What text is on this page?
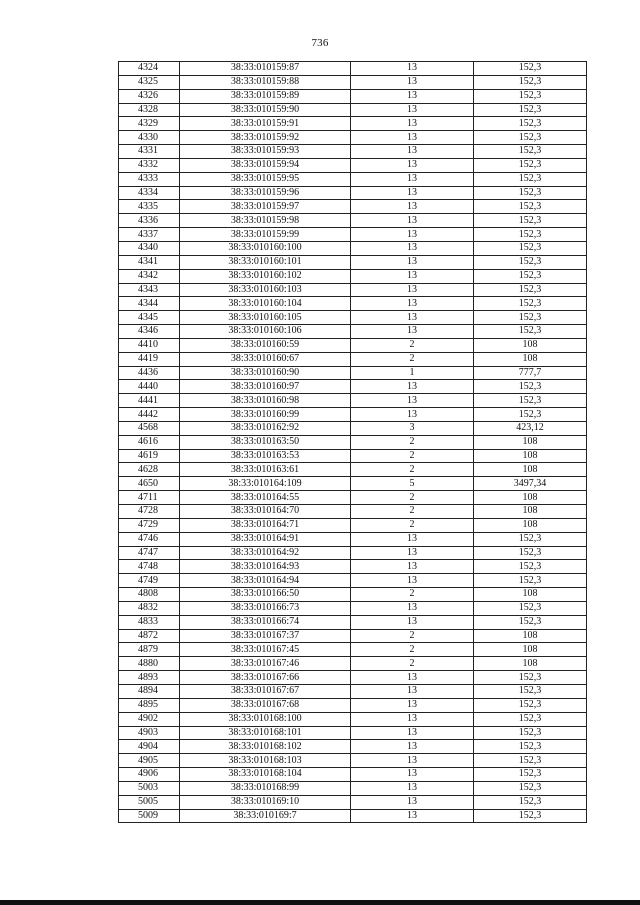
736
4324	38:33:010159:87	13	152,3
4325	38:33:010159:88	13	152,3
4326	38:33:010159:89	13	152,3
4328	38:33:010159:90	13	152,3
4329	38:33:010159:91	13	152,3
4330	38:33:010159:92	13	152,3
4331	38:33:010159:93	13	152,3
4332	38:33:010159:94	13	152,3
4333	38:33:010159:95	13	152,3
4334	38:33:010159:96	13	152,3
4335	38:33:010159:97	13	152,3
4336	38:33:010159:98	13	152,3
4337	38:33:010159:99	13	152,3
4340	38:33:010160:100	13	152,3
4341	38:33:010160:101	13	152,3
4342	38:33:010160:102	13	152,3
4343	38:33:010160:103	13	152,3
4344	38:33:010160:104	13	152,3
4345	38:33:010160:105	13	152,3
4346	38:33:010160:106	13	152,3
4410	38:33:010160:59	2	108
4419	38:33:010160:67	2	108
4436	38:33:010160:90	1	777,7
4440	38:33:010160:97	13	152,3
4441	38:33:010160:98	13	152,3
4442	38:33:010160:99	13	152,3
4568	38:33:010162:92	3	423,12
4616	38:33:010163:50	2	108
4619	38:33:010163:53	2	108
4628	38:33:010163:61	2	108
4650	38:33:010164:109	5	3497,34
4711	38:33:010164:55	2	108
4728	38:33:010164:70	2	108
4729	38:33:010164:71	2	108
4746	38:33:010164:91	13	152,3
4747	38:33:010164:92	13	152,3
4748	38:33:010164:93	13	152,3
4749	38:33:010164:94	13	152,3
4808	38:33:010166:50	2	108
4832	38:33:010166:73	13	152,3
4833	38:33:010166:74	13	152,3
4872	38:33:010167:37	2	108
4879	38:33:010167:45	2	108
4880	38:33:010167:46	2	108
4893	38:33:010167:66	13	152,3
4894	38:33:010167:67	13	152,3
4895	38:33:010167:68	13	152,3
4902	38:33:010168:100	13	152,3
4903	38:33:010168:101	13	152,3
4904	38:33:010168:102	13	152,3
4905	38:33:010168:103	13	152,3
4906	38:33:010168:104	13	152,3
5003	38:33:010168:99	13	152,3
5005	38:33:010169:10	13	152,3
5009	38:33:010169:7	13	152,3
